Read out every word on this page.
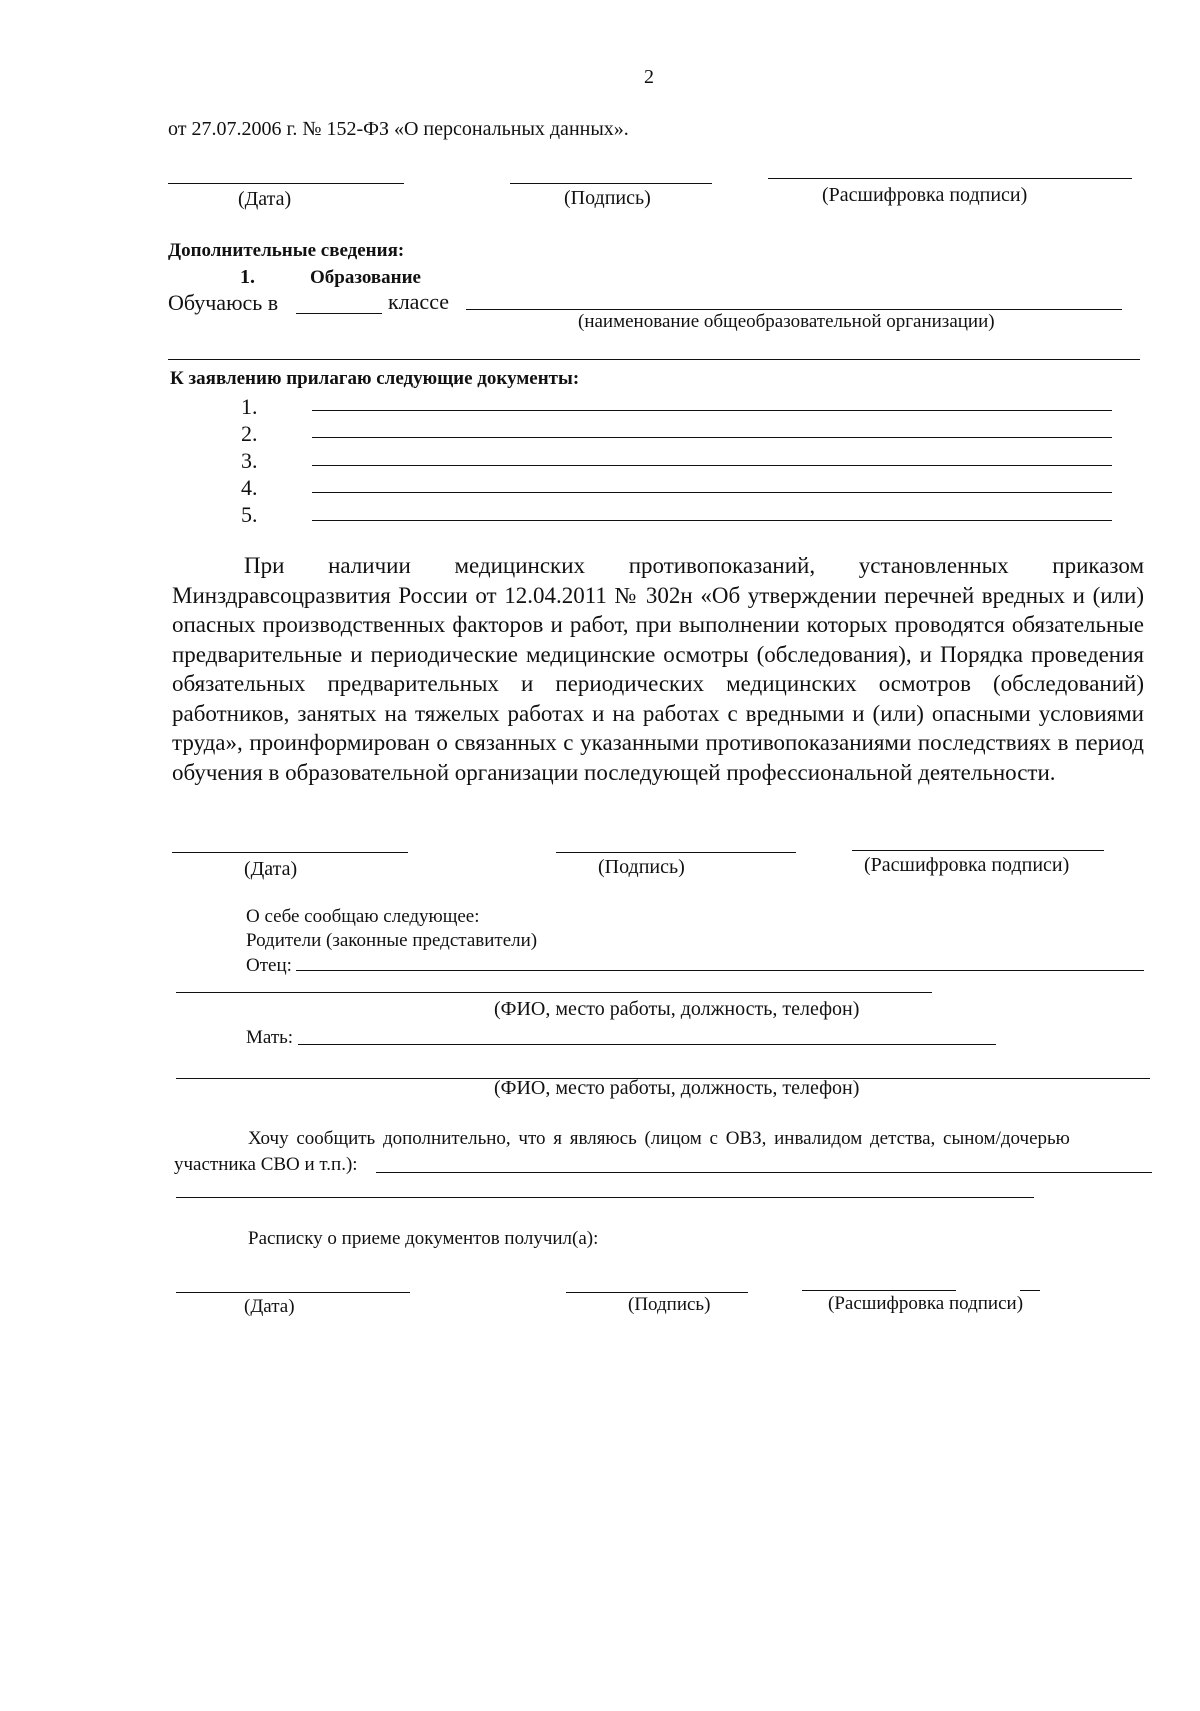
2
от 27.07.2006 г. № 152-ФЗ «О персональных данных».
(Дата)	(Подпись)	(Расшифровка подписи)
Дополнительные сведения:
1.	Образование
Обучаюсь в	классе
(наименование общеобразовательной организации)
К заявлению прилагаю следующие документы:
1.
2.
3.
4.
5.
При наличии медицинских противопоказаний, установленных приказом Минздравсоцразвития России от 12.04.2011 № 302н «Об утверждении перечней вредных и (или) опасных производственных факторов и работ, при выполнении которых проводятся обязательные предварительные и периодические медицинские осмотры (обследования), и Порядка проведения обязательных предварительных и периодических медицинских осмотров (обследований) работников, занятых на тяжелых работах и на работах с вредными и (или) опасными условиями труда», проинформирован о связанных с указанными противопоказаниями последствиях в период обучения в образовательной организации последующей профессиональной деятельности.
(Дата)	(Подпись)	(Расшифровка подписи)
О себе сообщаю следующее:
Родители (законные представители)
Отец:
(ФИО, место работы, должность, телефон)
Мать:
(ФИО, место работы, должность, телефон)
Хочу сообщить дополнительно, что я являюсь (лицом с ОВЗ, инвалидом детства, сыном/дочерью
участника СВО и т.п.):
Расписку о приеме документов получил(а):
(Дата)	(Подпись)	(Расшифровка подписи)
